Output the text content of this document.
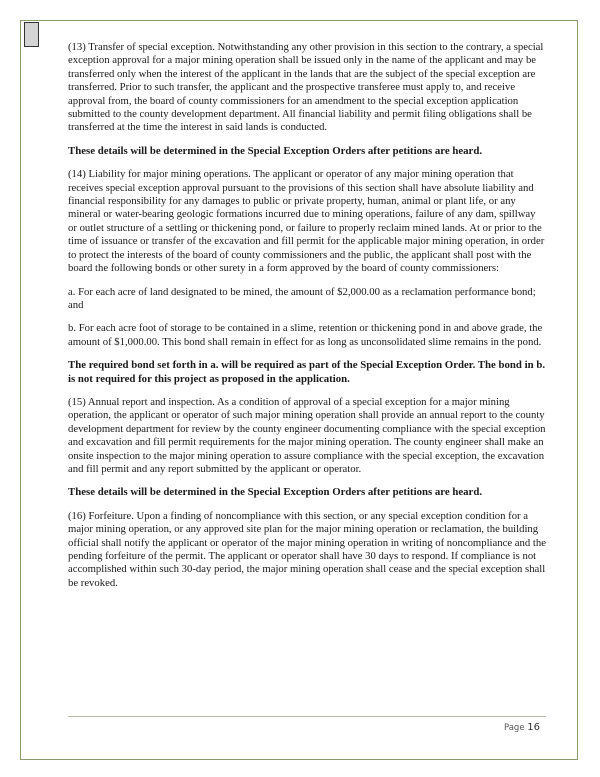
(13) Transfer of special exception. Notwithstanding any other provision in this section to the contrary, a special exception approval for a major mining operation shall be issued only in the name of the applicant and may be transferred only when the interest of the applicant in the lands that are the subject of the special exception are transferred. Prior to such transfer, the applicant and the prospective transferee must apply to, and receive approval from, the board of county commissioners for an amendment to the special exception application submitted to the county development department. All financial liability and permit filing obligations shall be transferred at the time the interest in said lands is conducted.

These details will be determined in the Special Exception Orders after petitions are heard.

(14) Liability for major mining operations. The applicant or operator of any major mining operation that receives special exception approval pursuant to the provisions of this section shall have absolute liability and financial responsibility for any damages to public or private property, human, animal or plant life, or any mineral or water-bearing geologic formations incurred due to mining operations, failure of any dam, spillway or outlet structure of a settling or thickening pond, or failure to properly reclaim mined lands. At or prior to the time of issuance or transfer of the excavation and fill permit for the applicable major mining operation, in order to protect the interests of the board of county commissioners and the public, the applicant shall post with the board the following bonds or other surety in a form approved by the board of county commissioners:

a. For each acre of land designated to be mined, the amount of $2,000.00 as a reclamation performance bond; and

b. For each acre foot of storage to be contained in a slime, retention or thickening pond in and above grade, the amount of $1,000.00. This bond shall remain in effect for as long as unconsolidated slime remains in the pond.

The required bond set forth in a. will be required as part of the Special Exception Order. The bond in b. is not required for this project as proposed in the application.

(15) Annual report and inspection. As a condition of approval of a special exception for a major mining operation, the applicant or operator of such major mining operation shall provide an annual report to the county development department for review by the county engineer documenting compliance with the special exception and excavation and fill permit requirements for the major mining operation. The county engineer shall make an onsite inspection to the major mining operation to assure compliance with the special exception, the excavation and fill permit and any report submitted by the applicant or operator.

These details will be determined in the Special Exception Orders after petitions are heard.

(16) Forfeiture. Upon a finding of noncompliance with this section, or any special exception condition for a major mining operation, or any approved site plan for the major mining operation or reclamation, the building official shall notify the applicant or operator of the major mining operation in writing of noncompliance and the pending forfeiture of the permit. The applicant or operator shall have 30 days to respond. If compliance is not accomplished within such 30-day period, the major mining operation shall cease and the special exception shall be revoked.

Page 16
